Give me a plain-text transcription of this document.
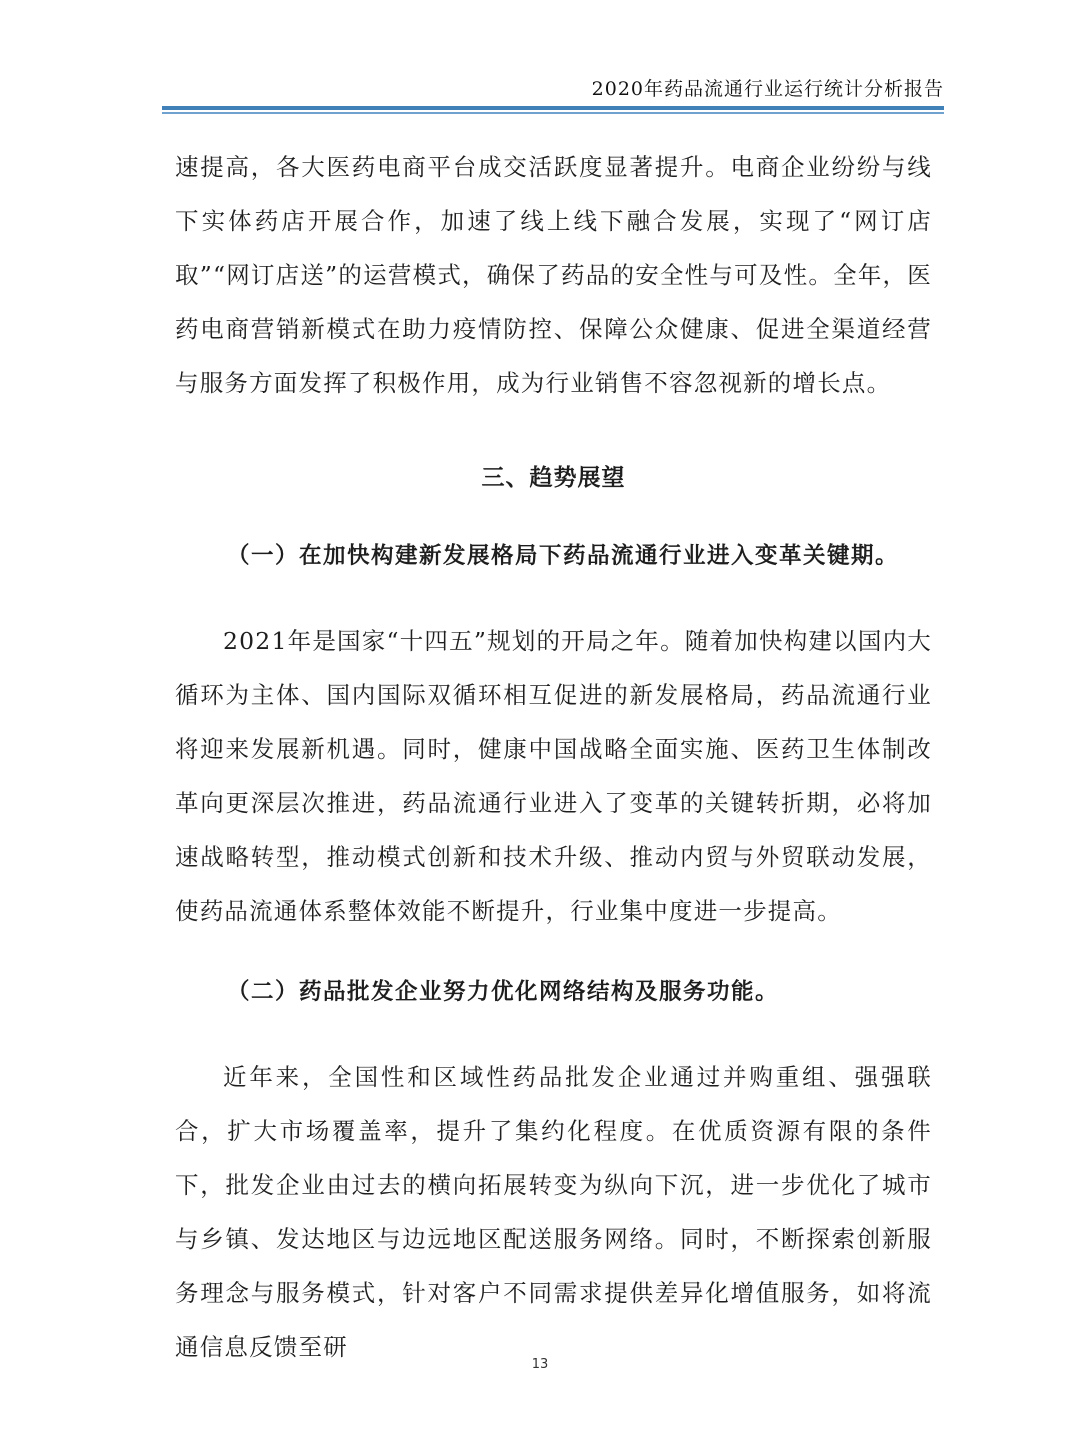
2020年药品流通行业运行统计分析报告

速提高，各大医药电商平台成交活跃度显著提升。电商企业纷纷与线下实体药店开展合作，加速了线上线下融合发展，实现了“网订店取”“网订店送”的运营模式，确保了药品的安全性与可及性。全年，医药电商营销新模式在助力疫情防控、保障公众健康、促进全渠道经营与服务方面发挥了积极作用，成为行业销售不容忽视新的增长点。

三、趋势展望
（一）在加快构建新发展格局下药品流通行业进入变革关键期。

2021年是国家“十四五”规划的开局之年。随着加快构建以国内大循环为主体、国内国际双循环相互促进的新发展格局，药品流通行业将迎来发展新机遇。同时，健康中国战略全面实施、医药卫生体制改革向更深层次推进，药品流通行业进入了变革的关键转折期，必将加速战略转型，推动模式创新和技术升级、推动内贸与外贸联动发展，使药品流通体系整体效能不断提升，行业集中度进一步提高。

（二）药品批发企业努力优化网络结构及服务功能。

近年来，全国性和区域性药品批发企业通过并购重组、强强联合，扩大市场覆盖率，提升了集约化程度。在优质资源有限的条件下，批发企业由过去的横向拓展转变为纵向下沉，进一步优化了城市与乡镇、发达地区与边远地区配送服务网络。同时，不断探索创新服务理念与服务模式，针对客户不同需求提供差异化增值服务，如将流通信息反馈至研

13
